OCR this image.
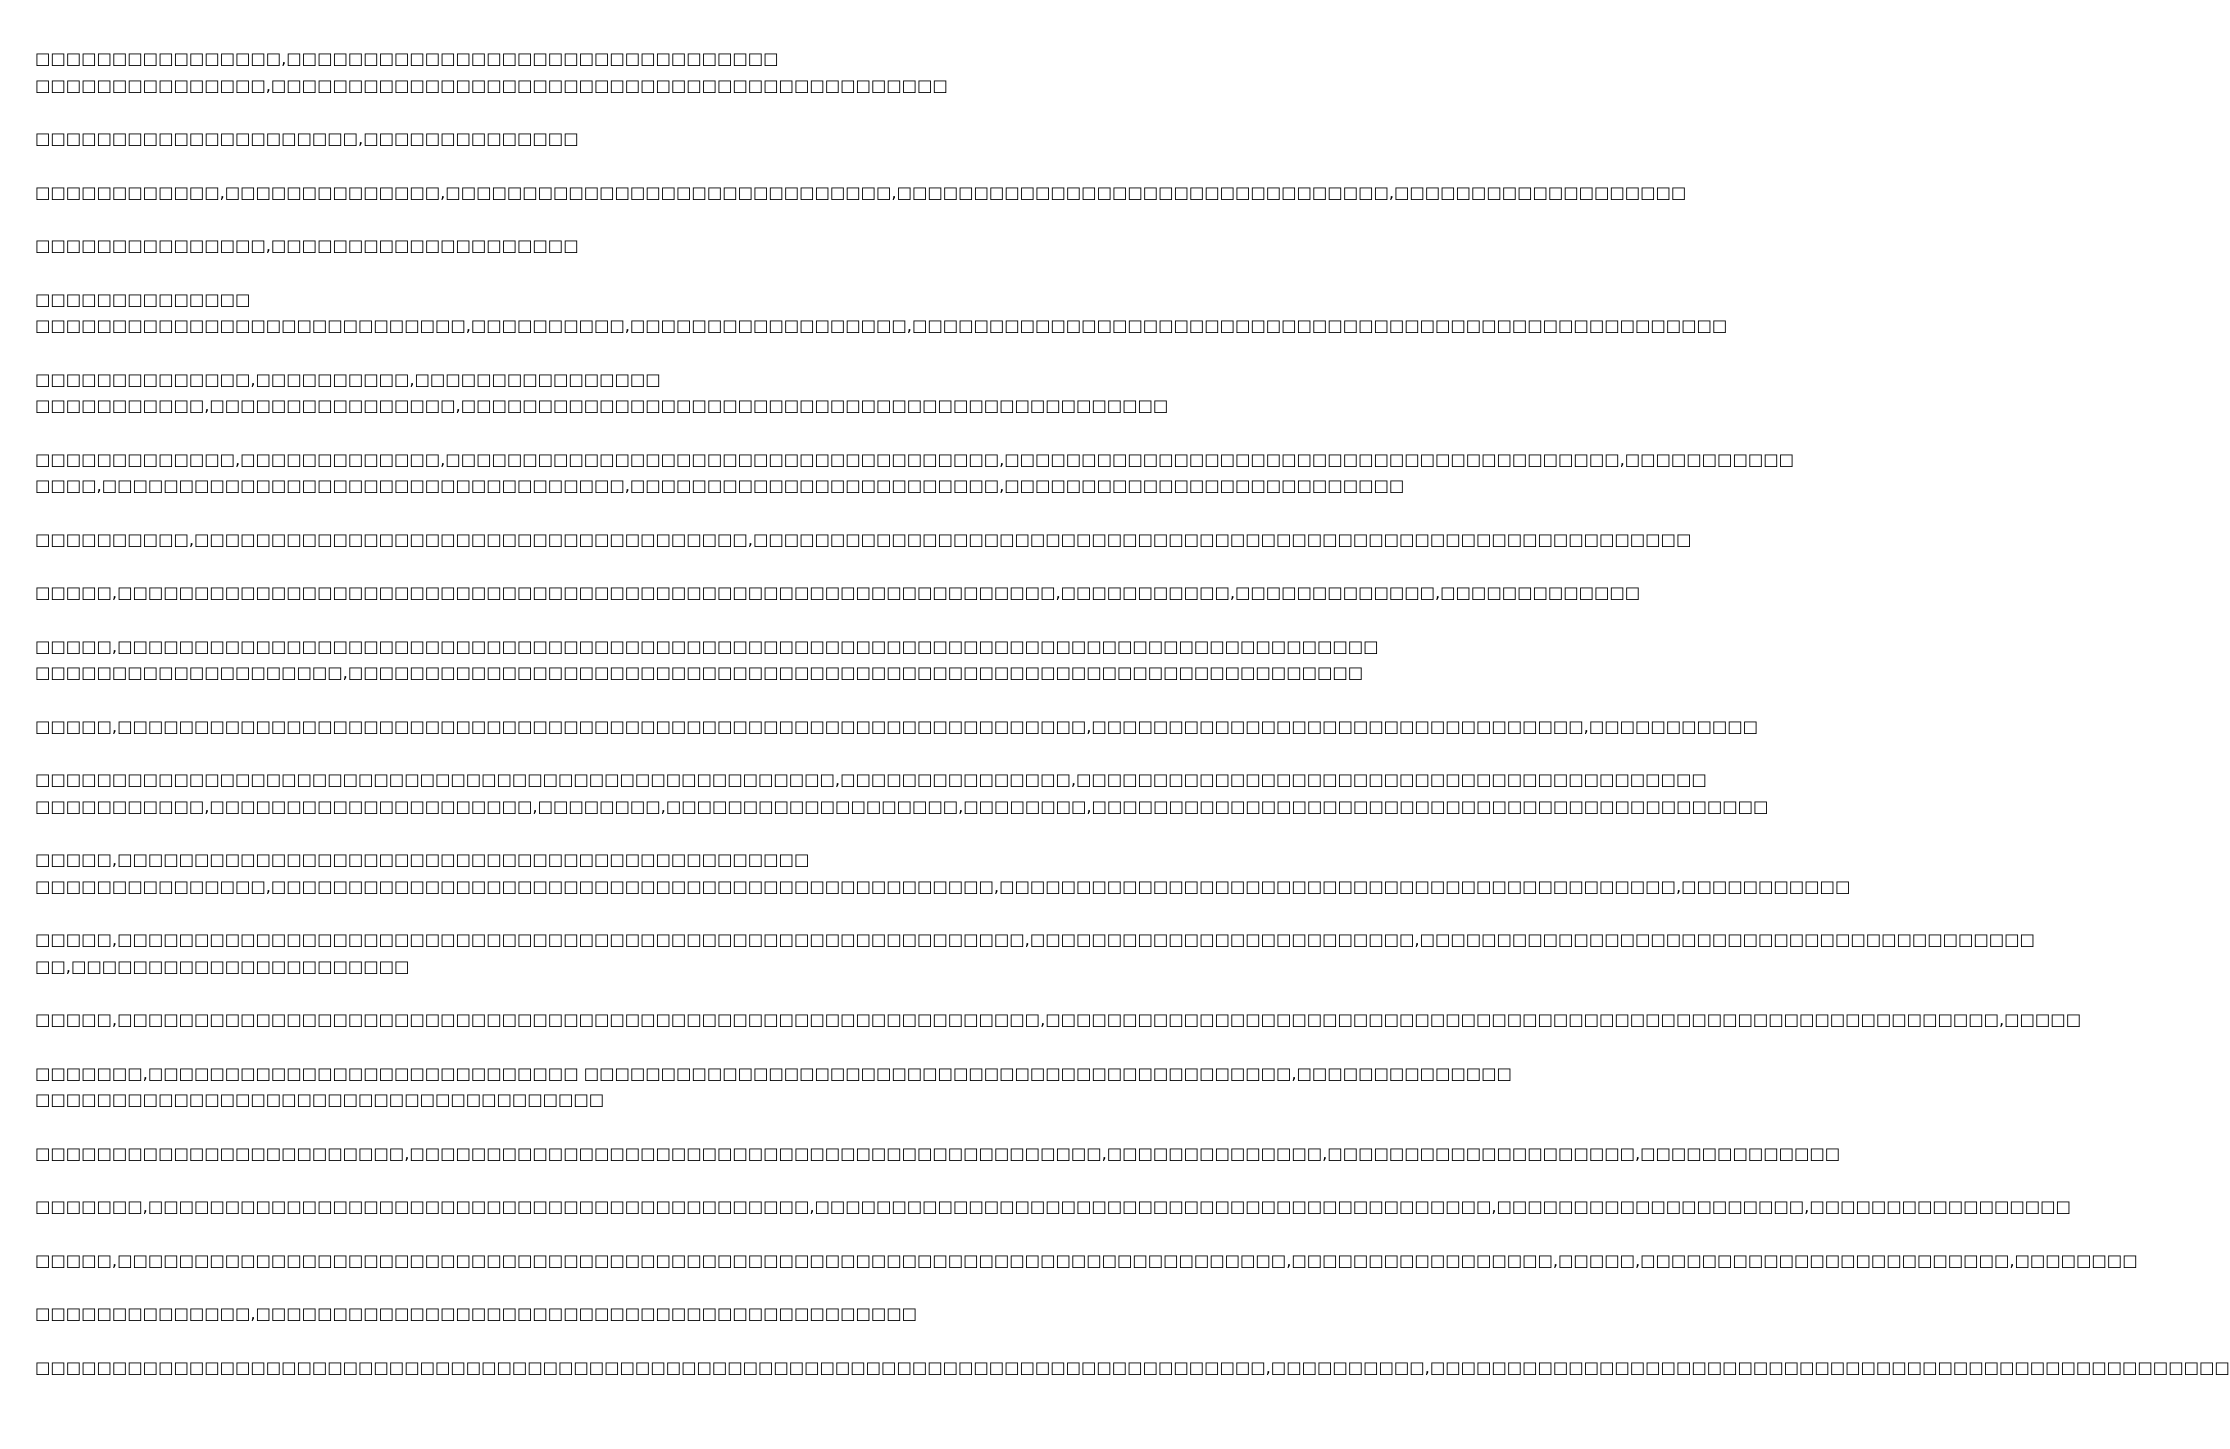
□□□□□□□□□□□□□□□□,□□□□□□□□□□□□□□□□□□□□□□□□□□□□□□□□
□□□□□□□□□□□□□□□,□□□□□□□□□□□□□□□□□□□□□□□□□□□□□□□□□□□□□□□□□□□□
□□□□□□□□□□□□□□□□□□□□□,□□□□□□□□□□□□□□
□□□□□□□□□□□□,□□□□□□□□□□□□□□,□□□□□□□□□□□□□□□□□□□□□□□□□□□□□,□□□□□□□□□□□□□□□□□□□□□□□□□□□□□□□□,□□□□□□□□□□□□□□□□□□□
□□□□□□□□□□□□□□□,□□□□□□□□□□□□□□□□□□□□
□□□□□□□□□□□□□□
□□□□□□□□□□□□□□□□□□□□□□□□□□□□,□□□□□□□□□□,□□□□□□□□□□□□□□□□□□,□□□□□□□□□□□□□□□□□□□□□□□□□□□□□□□□□□□□□□□□□□□□□□□□□□□□□
□□□□□□□□□□□□□□,□□□□□□□□□□,□□□□□□□□□□□□□□□□
□□□□□□□□□□□,□□□□□□□□□□□□□□□□,□□□□□□□□□□□□□□□□□□□□□□□□□□□□□□□□□□□□□□□□□□□□□□
□□□□□□□□□□□□□,□□□□□□□□□□□□□,□□□□□□□□□□□□□□□□□□□□□□□□□□□□□□□□□□□□,□□□□□□□□□□□□□□□□□□□□□□□□□□□□□□□□□□□□□□□□,□□□□□□□□□□□
□□□□,□□□□□□□□□□□□□□□□□□□□□□□□□□□□□□□□□□,□□□□□□□□□□□□□□□□□□□□□□□□,□□□□□□□□□□□□□□□□□□□□□□□□□□
□□□□□□□□□□,□□□□□□□□□□□□□□□□□□□□□□□□□□□□□□□□□□□□,□□□□□□□□□□□□□□□□□□□□□□□□□□□□□□□□□□□□□□□□□□□□□□□□□□□□□□□□□□□□□
□□□□□,□□□□□□□□□□□□□□□□□□□□□□□□□□□□□□□□□□□□□□□□□□□□□□□□□□□□□□□□□□□□□,□□□□□□□□□□□,□□□□□□□□□□□□□,□□□□□□□□□□□□□
□□□□□,□□□□□□□□□□□□□□□□□□□□□□□□□□□□□□□□□□□□□□□□□□□□□□□□□□□□□□□□□□□□□□□□□□□□□□□□□□□□□□□□□□
□□□□□□□□□□□□□□□□□□□□,□□□□□□□□□□□□□□□□□□□□□□□□□□□□□□□□□□□□□□□□□□□□□□□□□□□□□□□□□□□□□□□□□□
□□□□□,□□□□□□□□□□□□□□□□□□□□□□□□□□□□□□□□□□□□□□□□□□□□□□□□□□□□□□□□□□□□□□□,□□□□□□□□□□□□□□□□□□□□□□□□□□□□□□□□,□□□□□□□□□□□
□□□□□□□□□□□□□□□□□□□□□□□□□□□□□□□□□□□□□□□□□□□□□□□□□□□□,□□□□□□□□□□□□□□□,□□□□□□□□□□□□□□□□□□□□□□□□□□□□□□□□□□□□□□□□□
□□□□□□□□□□□,□□□□□□□□□□□□□□□□□□□□□,□□□□□□□□,□□□□□□□□□□□□□□□□□□□,□□□□□□□□,□□□□□□□□□□□□□□□□□□□□□□□□□□□□□□□□□□□□□□□□□□□□
□□□□□,□□□□□□□□□□□□□□□□□□□□□□□□□□□□□□□□□□□□□□□□□□□□□
□□□□□□□□□□□□□□□,□□□□□□□□□□□□□□□□□□□□□□□□□□□□□□□□□□□□□□□□□□□□□□□,□□□□□□□□□□□□□□□□□□□□□□□□□□□□□□□□□□□□□□□□□□□□,□□□□□□□□□□□
□□□□□,□□□□□□□□□□□□□□□□□□□□□□□□□□□□□□□□□□□□□□□□□□□□□□□□□□□□□□□□□□□,□□□□□□□□□□□□□□□□□□□□□□□□□,□□□□□□□□□□□□□□□□□□□□□□□□□□□□□□□□□□□□□□□□
□□,□□□□□□□□□□□□□□□□□□□□□□
□□□□□,□□□□□□□□□□□□□□□□□□□□□□□□□□□□□□□□□□□□□□□□□□□□□□□□□□□□□□□□□□□□,□□□□□□□□□□□□□□□□□□□□□□□□□□□□□□□□□□□□□□□□□□□□□□□□□□□□□□□□□□□□□□,□□□□□
□□□□□□□,□□□□□□□□□□□□□□□□□□□□□□□□□□□□ □□□□□□□□□□□□□□□□□□□□□□□□□□□□□□□□□□□□□□□□□□□□□□,□□□□□□□□□□□□□□
□□□□□□□□□□□□□□□□□□□□□□□□□□□□□□□□□□□□□
□□□□□□□□□□□□□□□□□□□□□□□□,□□□□□□□□□□□□□□□□□□□□□□□□□□□□□□□□□□□□□□□□□□□□□,□□□□□□□□□□□□□□,□□□□□□□□□□□□□□□□□□□□,□□□□□□□□□□□□□
□□□□□□□,□□□□□□□□□□□□□□□□□□□□□□□□□□□□□□□□□□□□□□□□□□□,□□□□□□□□□□□□□□□□□□□□□□□□□□□□□□□□□□□□□□□□□□□□,□□□□□□□□□□□□□□□□□□□□,□□□□□□□□□□□□□□□□□
□□□□□,□□□□□□□□□□□□□□□□□□□□□□□□□□□□□□□□□□□□□□□□□□□□□□□□□□□□□□□□□□□□□□□□□□□□□□□□□□□□,□□□□□□□□□□□□□□□□□,□□□□□,□□□□□□□□□□□□□□□□□□□□□□□□,□□□□□□□□
□□□□□□□□□□□□□□,□□□□□□□□□□□□□□□□□□□□□□□□□□□□□□□□□□□□□□□□□□□
□□□□□□□□□□□□□□□□□□□□□□□□□□□□□□□□□□□□□□□□□□□□□□□□□□□□□□□□□□□□□□□□□□□□□□□□□□□□□□□□,□□□□□□□□□□,□□□□□□□□□□□□□□□□□□□□□□□□□□□□□□□□□□□□□□□□□□□□□□□□□□□□
